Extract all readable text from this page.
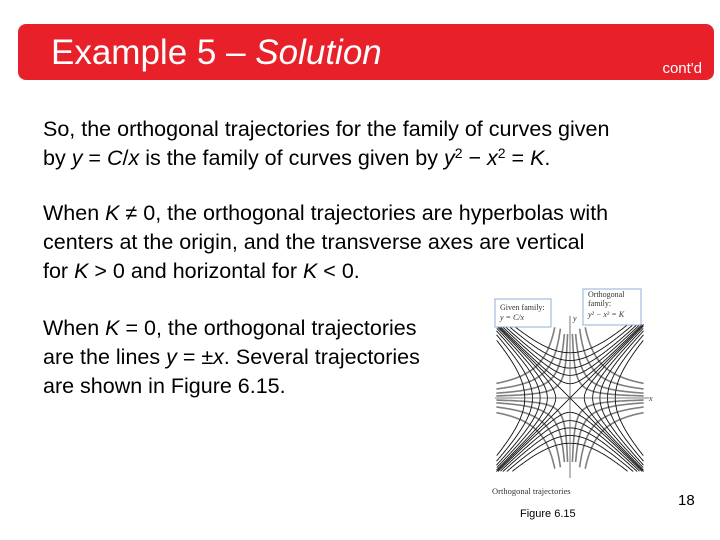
Example 5 – Solution	cont'd
So, the orthogonal trajectories for the family of curves given
by y = C/x is the family of curves given by $y^2 - x^2 = K$.
When K ≠ 0, the orthogonal trajectories are hyperbolas with
centers at the origin, and the transverse axes are vertical
for K > 0 and horizontal for K < 0.
When K = 0, the orthogonal trajectories
are the lines y = ±x. Several trajectories
are shown in Figure 6.15.
Given family:
y = C/x
Orthogonal
family:
y² − x² = K
y
x
Orthogonal trajectories
Figure 6.15
18
